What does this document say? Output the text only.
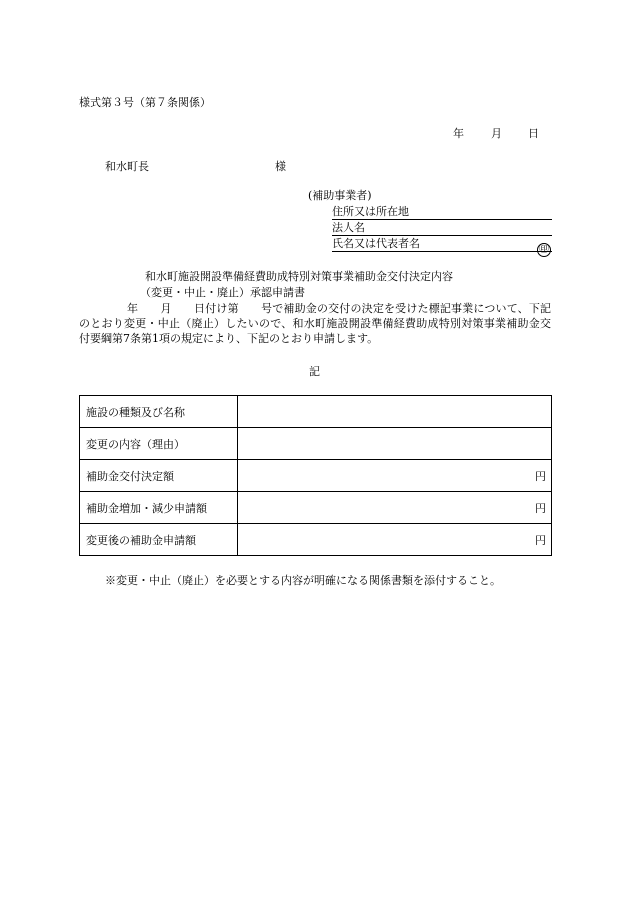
様式第３号（第７条関係）
年 月 日
和水町長	様
(補助事業者)
住所又は所在地
法人名
氏名又は代表者名	㊞
和水町施設開設準備経費助成特別対策事業補助金交付決定内容
（変更・中止・廃止）承認申請書
年　　月　　日付け第　　号で補助金の交付の決定を受けた標記事業について、下記のとおり変更・中止（廃止）したいので、和水町施設開設準備経費助成特別対策事業補助金交付要綱第7条第1項の規定により、下記のとおり申請します。
記
施設の種類及び名称	
変更の内容（理由）	
補助金交付決定額	円
補助金増加・減少申請額	円
変更後の補助金申請額	円
※変更・中止（廃止）を必要とする内容が明確になる関係書類を添付すること。
